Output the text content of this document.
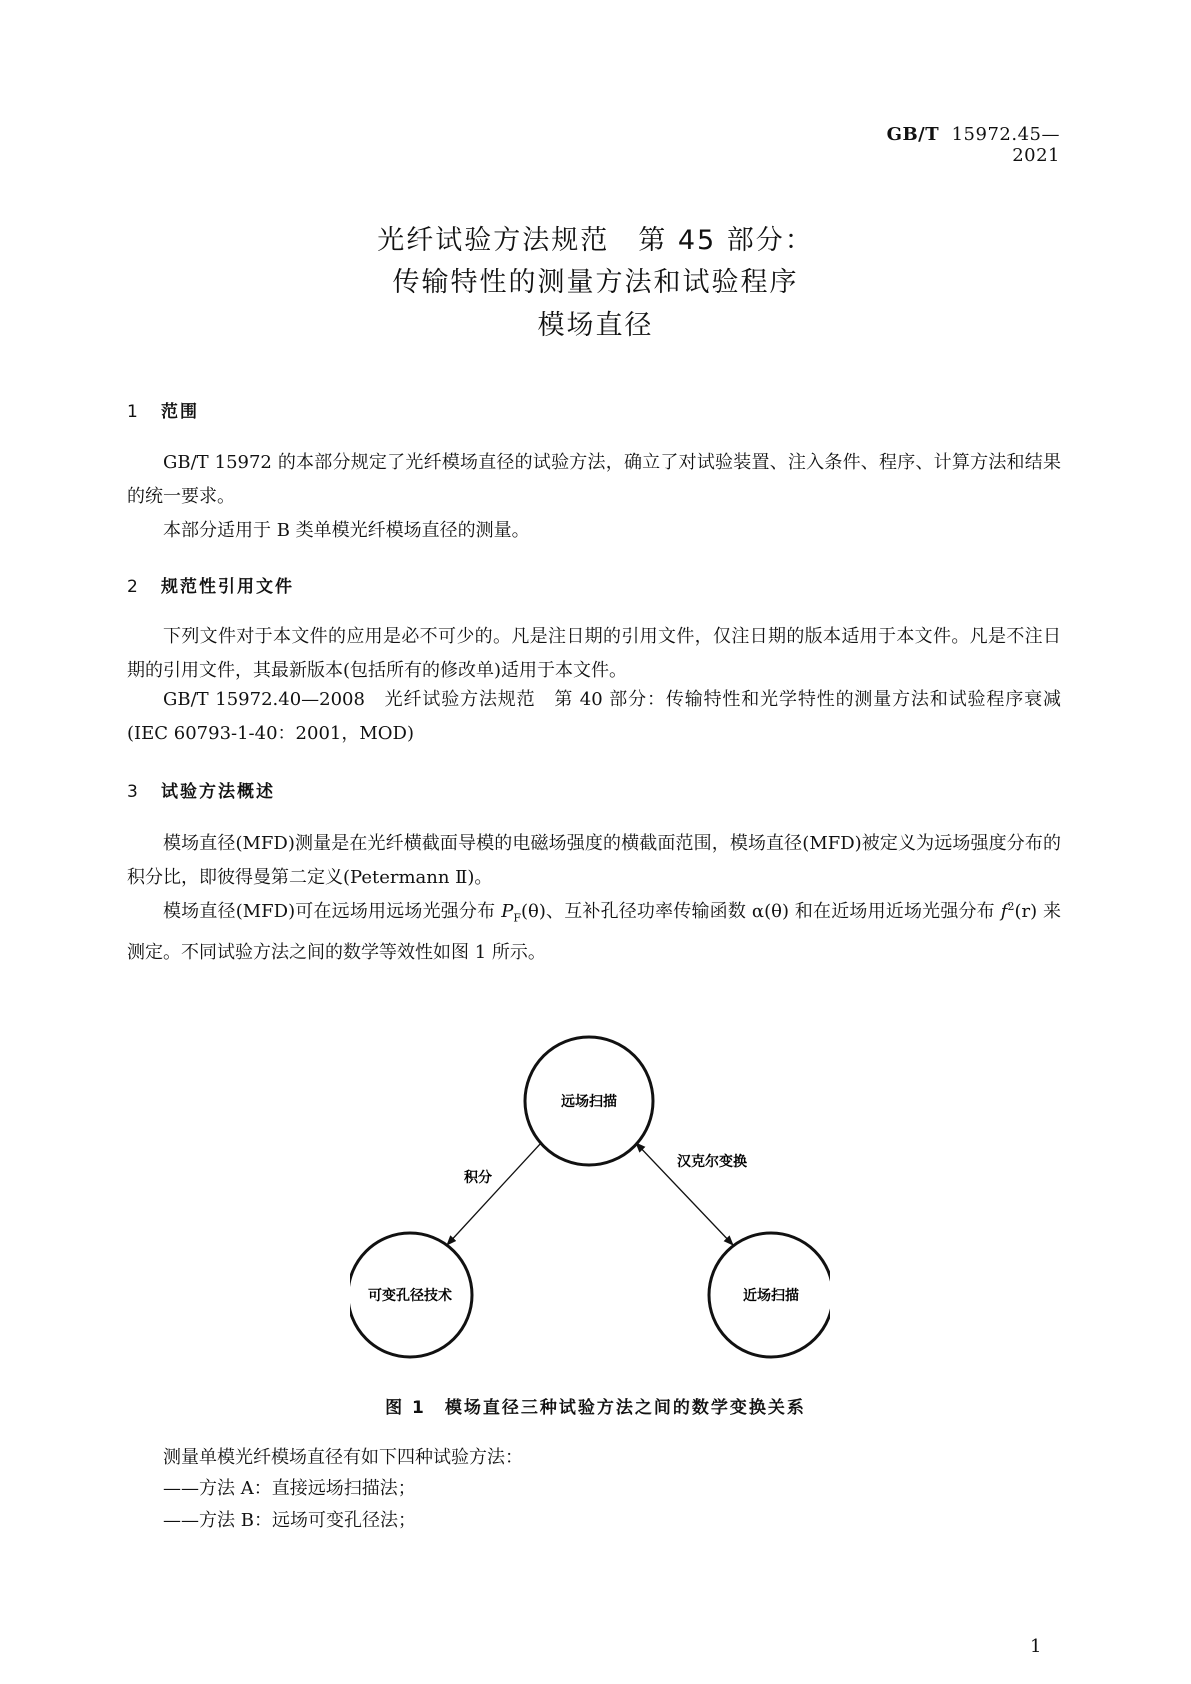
GB/T 15972.45—2021
光纤试验方法规范　第 45 部分：
传输特性的测量方法和试验程序
模场直径
1 范围
GB/T 15972 的本部分规定了光纤模场直径的试验方法，确立了对试验装置、注入条件、程序、计算方法和结果的统一要求。
本部分适用于 B 类单模光纤模场直径的测量。
2 规范性引用文件
下列文件对于本文件的应用是必不可少的。凡是注日期的引用文件，仅注日期的版本适用于本文件。凡是不注日期的引用文件，其最新版本(包括所有的修改单)适用于本文件。
GB/T 15972.40—2008　光纤试验方法规范　第 40 部分：传输特性和光学特性的测量方法和试验程序衰减(IEC 60793-1-40：2001，MOD)
3 试验方法概述
模场直径(MFD)测量是在光纤横截面导模的电磁场强度的横截面范围，模场直径(MFD)被定义为远场强度分布的积分比，即彼得曼第二定义(Petermann Ⅱ)。
模场直径(MFD)可在远场用远场光强分布 $P_F(\theta)$、互补孔径功率传输函数 α(θ) 和在近场用近场光强分布 $f^2(r)$ 来测定。不同试验方法之间的数学等效性如图 1 所示。
远场扫描
可变孔径技术	近场扫描
积分
汉克尔变换
图 1　模场直径三种试验方法之间的数学变换关系
测量单模光纤模场直径有如下四种试验方法：
——方法 A：直接远场扫描法；
——方法 B：远场可变孔径法；
1
